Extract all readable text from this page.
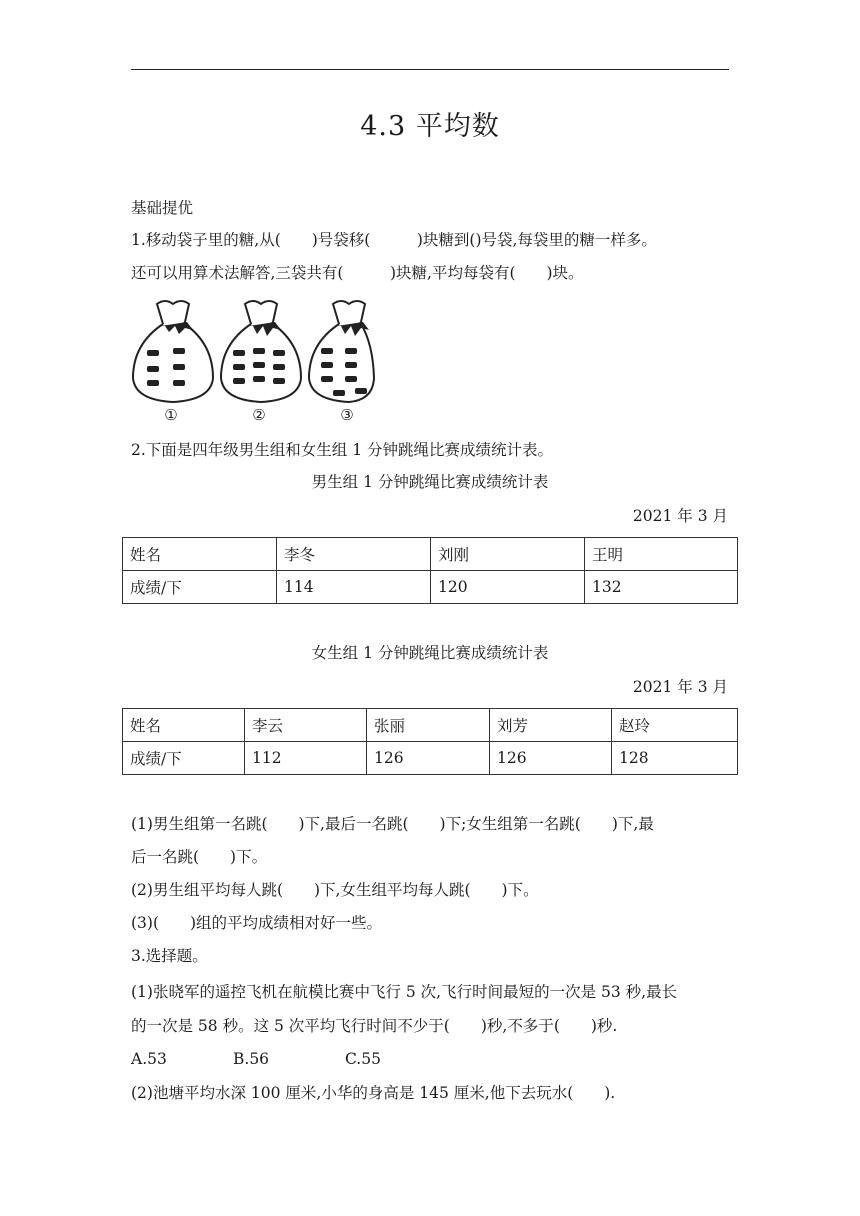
4.3 平均数
基础提优
1.移动袋子里的糖,从(　　)号袋移(　　　)块糖到()号袋,每袋里的糖一样多。
还可以用算术法解答,三袋共有(　　　)块糖,平均每袋有(　　)块。
①	②	③
2.下面是四年级男生组和女生组 1 分钟跳绳比赛成绩统计表。
男生组 1 分钟跳绳比赛成绩统计表
2021 年 3 月
姓名	李冬	刘刚	王明
成绩/下	114	120	132
女生组 1 分钟跳绳比赛成绩统计表
2021 年 3 月
姓名	李云	张丽	刘芳	赵玲
成绩/下	112	126	126	128
(1)男生组第一名跳(　　)下,最后一名跳(　　)下;女生组第一名跳(　　)下,最
后一名跳(　　)下。
(2)男生组平均每人跳(　　)下,女生组平均每人跳(　　)下。
(3)(　　)组的平均成绩相对好一些。
3.选择题。
(1)张晓军的遥控飞机在航模比赛中飞行 5 次,飞行时间最短的一次是 53 秒,最长
的一次是 58 秒。这 5 次平均飞行时间不少于(　　)秒,不多于(　　)秒.
A.53	B.56	C.55
(2)池塘平均水深 100 厘米,小华的身高是 145 厘米,他下去玩水(　　).
